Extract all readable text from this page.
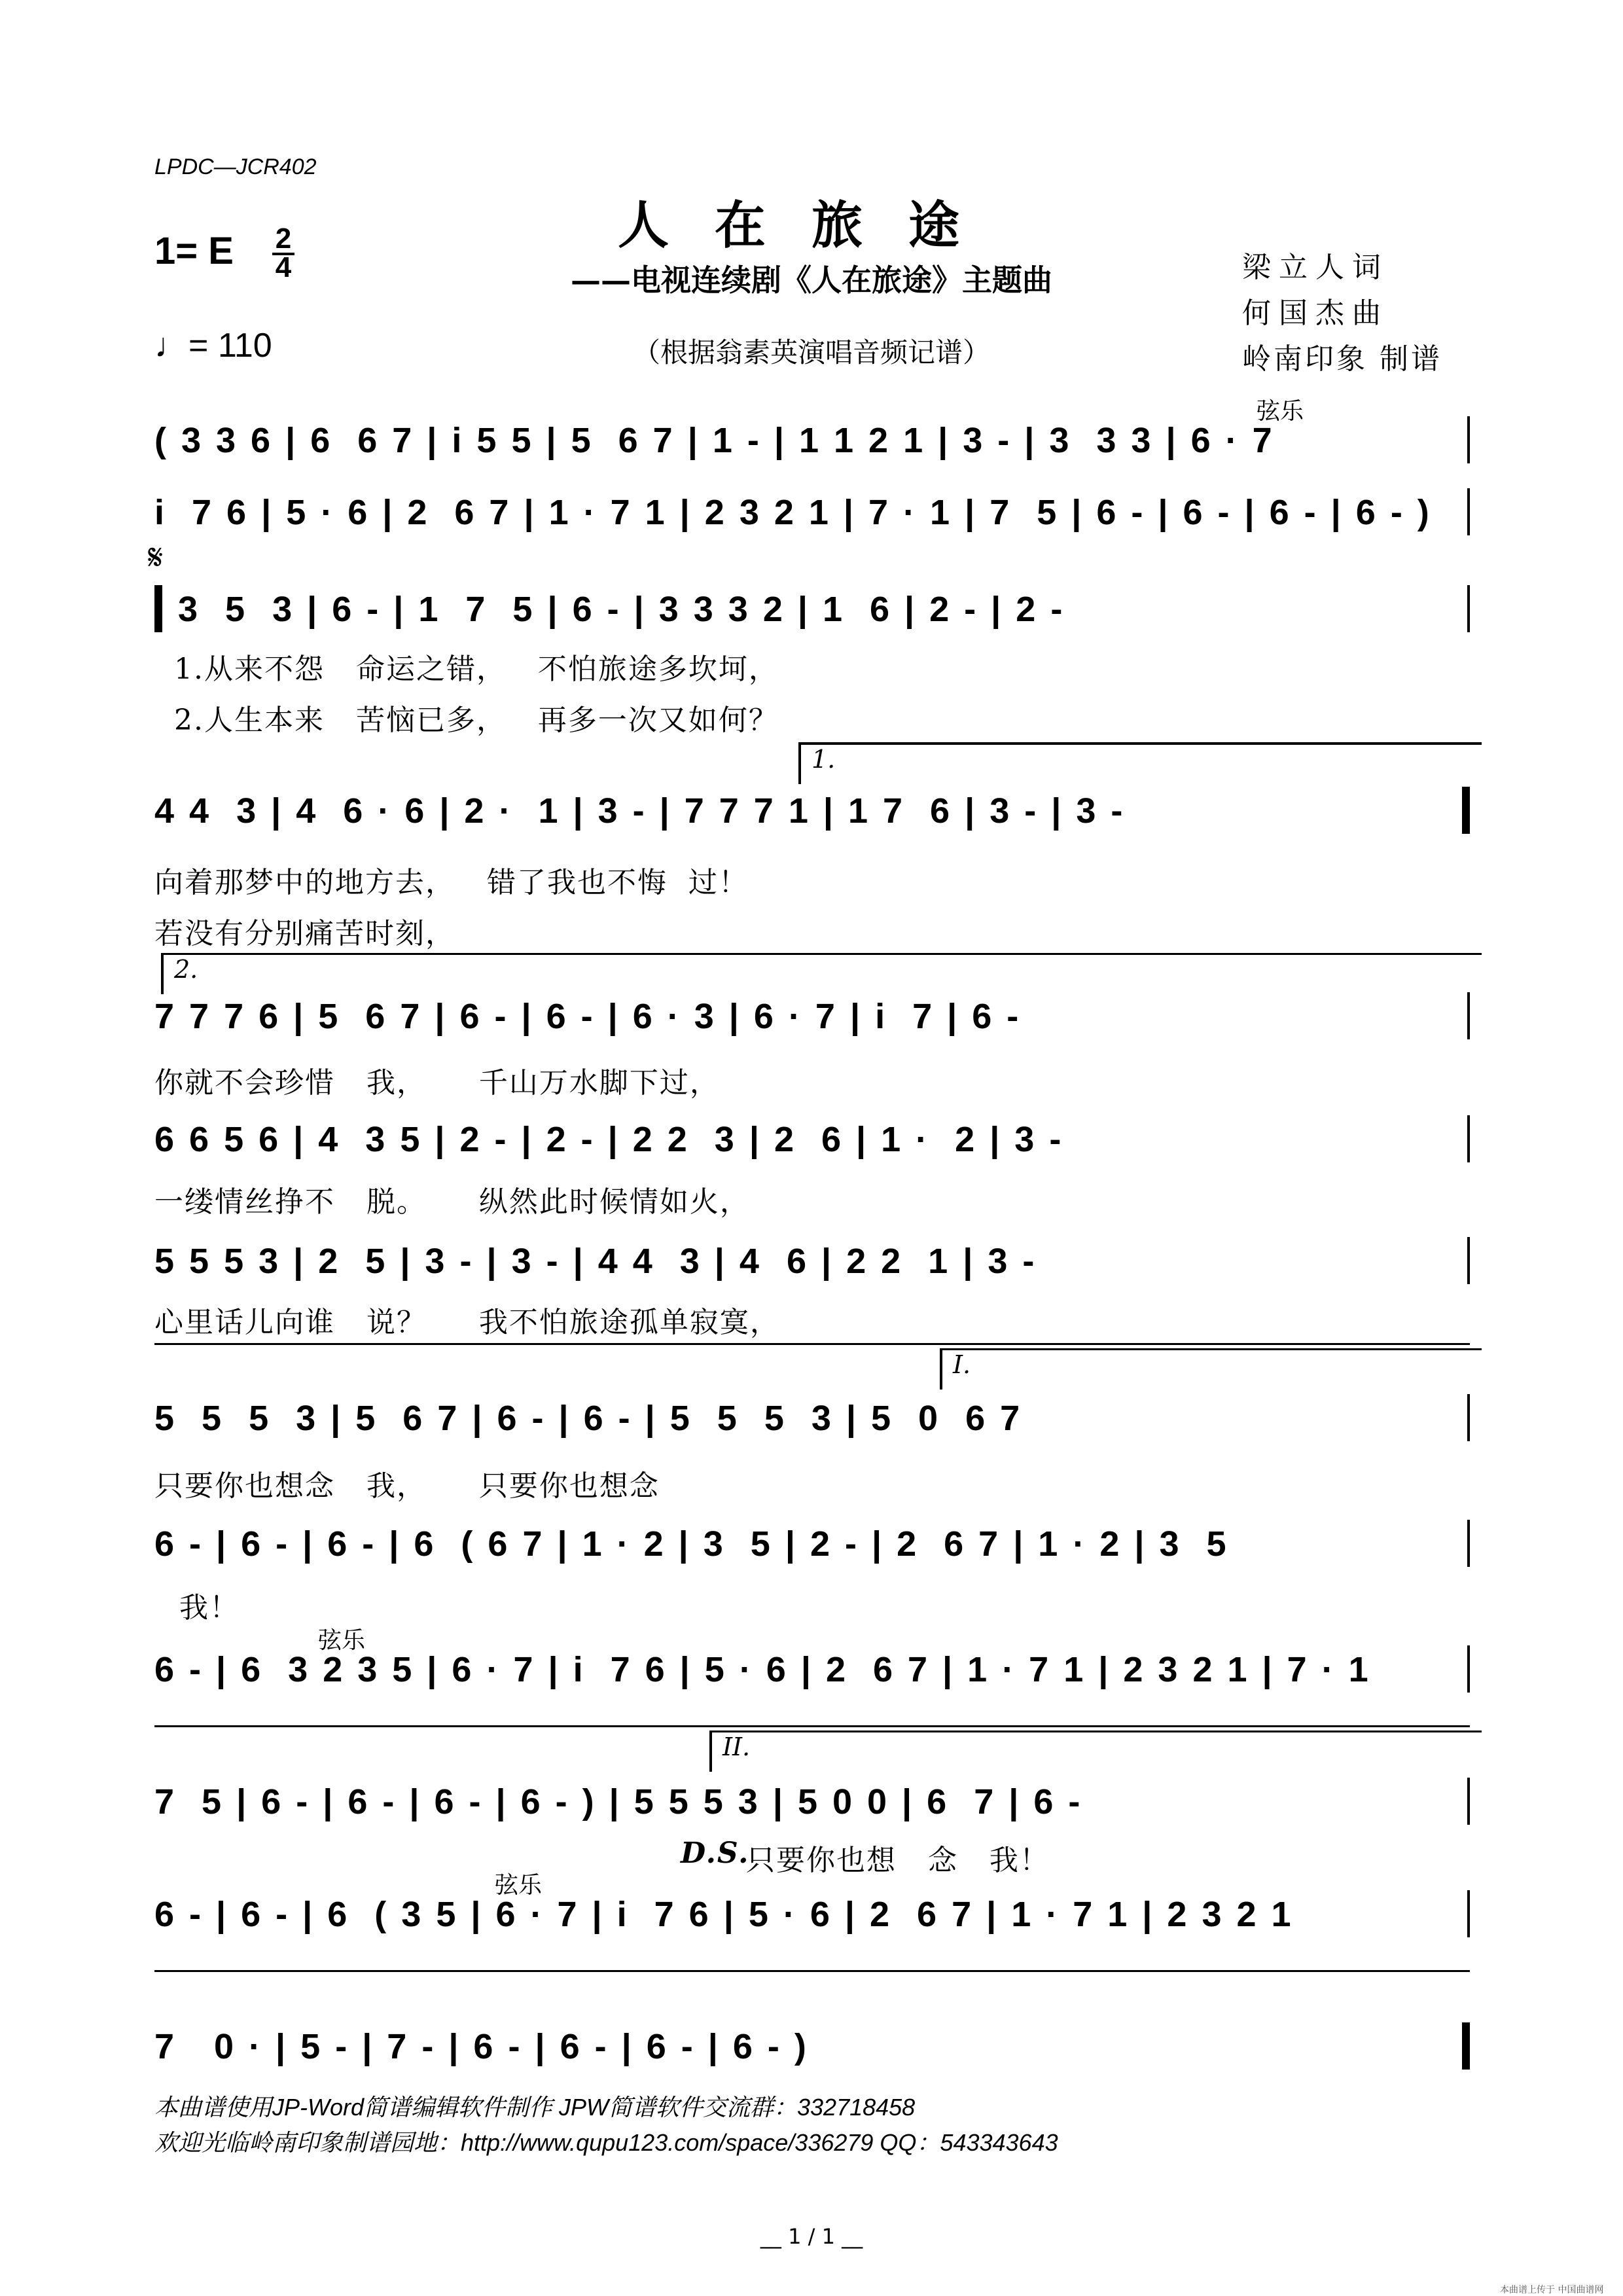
LPDC—JCR402
人在旅途
——电视连续剧《人在旅途》主题曲
（根据翁素英演唱音频记谱）
1= E 2
4
♩= 110
梁立人词
何国杰曲
岭南印象 制谱
弦乐
( 3 3 6 | 6  6 7 | i 5 5 | 5  6 7 | 1 - | 1 1 2 1 | 3 - | 3  3 3 | 6 · 7
i  7 6 | 5 · 6 | 2  6 7 | 1 · 7 1 | 2 3 2 1 | 7 · 1 | 7  5 | 6 - | 6 - | 6 - | 6 - )
𝄋
3  5  3 | 6 - | 1  7  5 | 6 - | 3 3 3 2 | 1  6 | 2 - | 2 -
1.从来不怨   命运之错，   不怕旅途多坎坷，
2.人生本来   苦恼已多，   再多一次又如何？
1.
4 4  3 | 4  6 · 6 | 2 ·  1 | 3 - | 7 7 7 1 | 1 7  6 | 3 - | 3 -
向着那梦中的地方去，   错了我也不悔  过！
若没有分别痛苦时刻，
2.
7 7 7 6 | 5  6 7 | 6 - | 6 - | 6 · 3 | 6 · 7 | i  7 | 6 -
你就不会珍惜   我，     千山万水脚下过，
6 6 5 6 | 4  3 5 | 2 - | 2 - | 2 2  3 | 2  6 | 1 ·  2 | 3 -
一缕情丝挣不   脱。     纵然此时候情如火，
5 5 5 3 | 2  5 | 3 - | 3 - | 4 4  3 | 4  6 | 2 2  1 | 3 -
心里话儿向谁   说？     我不怕旅途孤单寂寞，
I.
5  5  5  3 | 5  6 7 | 6 - | 6 - | 5  5  5  3 | 5  0  6 7
只要你也想念   我，     只要你也想念
6 - | 6 - | 6 - | 6  ( 6 7 | 1 · 2 | 3  5 | 2 - | 2  6 7 | 1 · 2 | 3  5
我！
弦乐
6 - | 6  3 2 3 5 | 6 · 7 | i  7 6 | 5 · 6 | 2  6 7 | 1 · 7 1 | 2 3 2 1 | 7 · 1
II.
7  5 | 6 - | 6 - | 6 - | 6 - ) | 5 5 5 3 | 5 0 0 | 6  7 | 6 -
D.S.
只要你也想   念   我！
弦乐
6 - | 6 - | 6  ( 3 5 | 6 · 7 | i  7 6 | 5 · 6 | 2  6 7 | 1 · 7 1 | 2 3 2 1
7   0 · | 5 - | 7 - | 6 - | 6 - | 6 - | 6 - )
本曲谱使用JP-Word简谱编辑软件制作 JPW简谱软件交流群：332718458
欢迎光临岭南印象制谱园地：http://www.qupu123.com/space/336279 QQ：543343643
__ 1 / 1 __
本曲谱上传于 中国曲谱网
